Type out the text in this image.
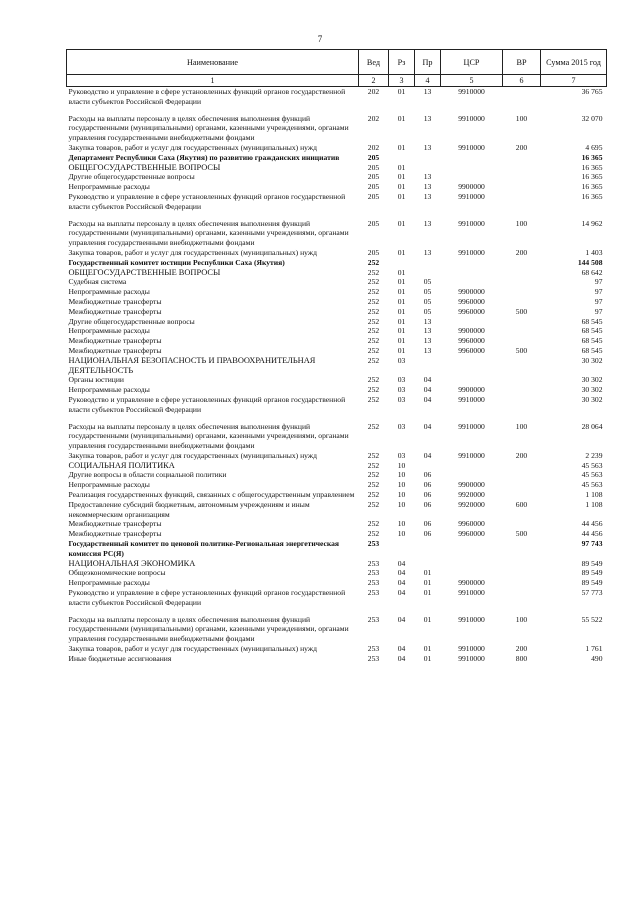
7
Наименование	Вед	Рз	Пр	ЦСР	ВР	Сумма 2015 год
1	2	3	4	5	6	7
Руководство и управление в сфере установленных функций органов государственной власти субъектов Российской Федерации	202	01	13	9910000		36 765

Расходы на выплаты персоналу в целях обеспечения выполнения функций государственными (муниципальными) органами, казенными учреждениями, органами управления государственными внебюджетными фондами	202	01	13	9910000	100	32 070
Закупка товаров, работ и услуг для государственных (муниципальных) нужд	202	01	13	9910000	200	4 695
Департамент Республики Саха (Якутия) по развитию гражданских инициатив	205					16 365
ОБЩЕГОСУДАРСТВЕННЫЕ ВОПРОСЫ	205	01				16 365
Другие общегосударственные вопросы	205	01	13			16 365
Непрограммные расходы	205	01	13	9900000		16 365
Руководство и управление в сфере установленных функций органов государственной власти субъектов Российской Федерации	205	01	13	9910000		16 365

Расходы на выплаты персоналу в целях обеспечения выполнения функций государственными (муниципальными) органами, казенными учреждениями, органами управления государственными внебюджетными фондами	205	01	13	9910000	100	14 962
Закупка товаров, работ и услуг для государственных (муниципальных) нужд	205	01	13	9910000	200	1 403
Государственный комитет юстиции Республики Саха (Якутия)	252					144 508
ОБЩЕГОСУДАРСТВЕННЫЕ ВОПРОСЫ	252	01				68 642
Судебная система	252	01	05			97
Непрограммные расходы	252	01	05	9900000		97
Межбюджетные трансферты	252	01	05	9960000		97
Межбюджетные трансферты	252	01	05	9960000	500	97
Другие общегосударственные вопросы	252	01	13			68 545
Непрограммные расходы	252	01	13	9900000		68 545
Межбюджетные трансферты	252	01	13	9960000		68 545
Межбюджетные трансферты	252	01	13	9960000	500	68 545
НАЦИОНАЛЬНАЯ БЕЗОПАСНОСТЬ И ПРАВООХРАНИТЕЛЬНАЯ ДЕЯТЕЛЬНОСТЬ	252	03				30 302
Органы юстиции	252	03	04			30 302
Непрограммные расходы	252	03	04	9900000		30 302
Руководство и управление в сфере установленных функций органов государственной власти субъектов Российской Федерации	252	03	04	9910000		30 302

Расходы на выплаты персоналу в целях обеспечения выполнения функций государственными (муниципальными) органами, казенными учреждениями, органами управления государственными внебюджетными фондами	252	03	04	9910000	100	28 064
Закупка товаров, работ и услуг для государственных (муниципальных) нужд	252	03	04	9910000	200	2 239
СОЦИАЛЬНАЯ ПОЛИТИКА	252	10				45 563
Другие вопросы в области социальной политики	252	10	06			45 563
Непрограммные расходы	252	10	06	9900000		45 563
Реализация государственных функций, связанных с общегосударственным управлением	252	10	06	9920000		1 108
Предоставление субсидий бюджетным, автономным учреждениям и иным некоммерческим организациям	252	10	06	9920000	600	1 108
Межбюджетные трансферты	252	10	06	9960000		44 456
Межбюджетные трансферты	252	10	06	9960000	500	44 456
Государственный комитет по ценовой политике-Региональная энергетическая комиссия РС(Я)	253					97 743
НАЦИОНАЛЬНАЯ ЭКОНОМИКА	253	04				89 549
Общеэкономические вопросы	253	04	01			89 549
Непрограммные расходы	253	04	01	9900000		89 549
Руководство и управление в сфере установленных функций органов государственной власти субъектов Российской Федерации	253	04	01	9910000		57 773

Расходы на выплаты персоналу в целях обеспечения выполнения функций государственными (муниципальными) органами, казенными учреждениями, органами управления государственными внебюджетными фондами	253	04	01	9910000	100	55 522
Закупка товаров, работ и услуг для государственных (муниципальных) нужд	253	04	01	9910000	200	1 761
Иные бюджетные ассигнования	253	04	01	9910000	800	490
